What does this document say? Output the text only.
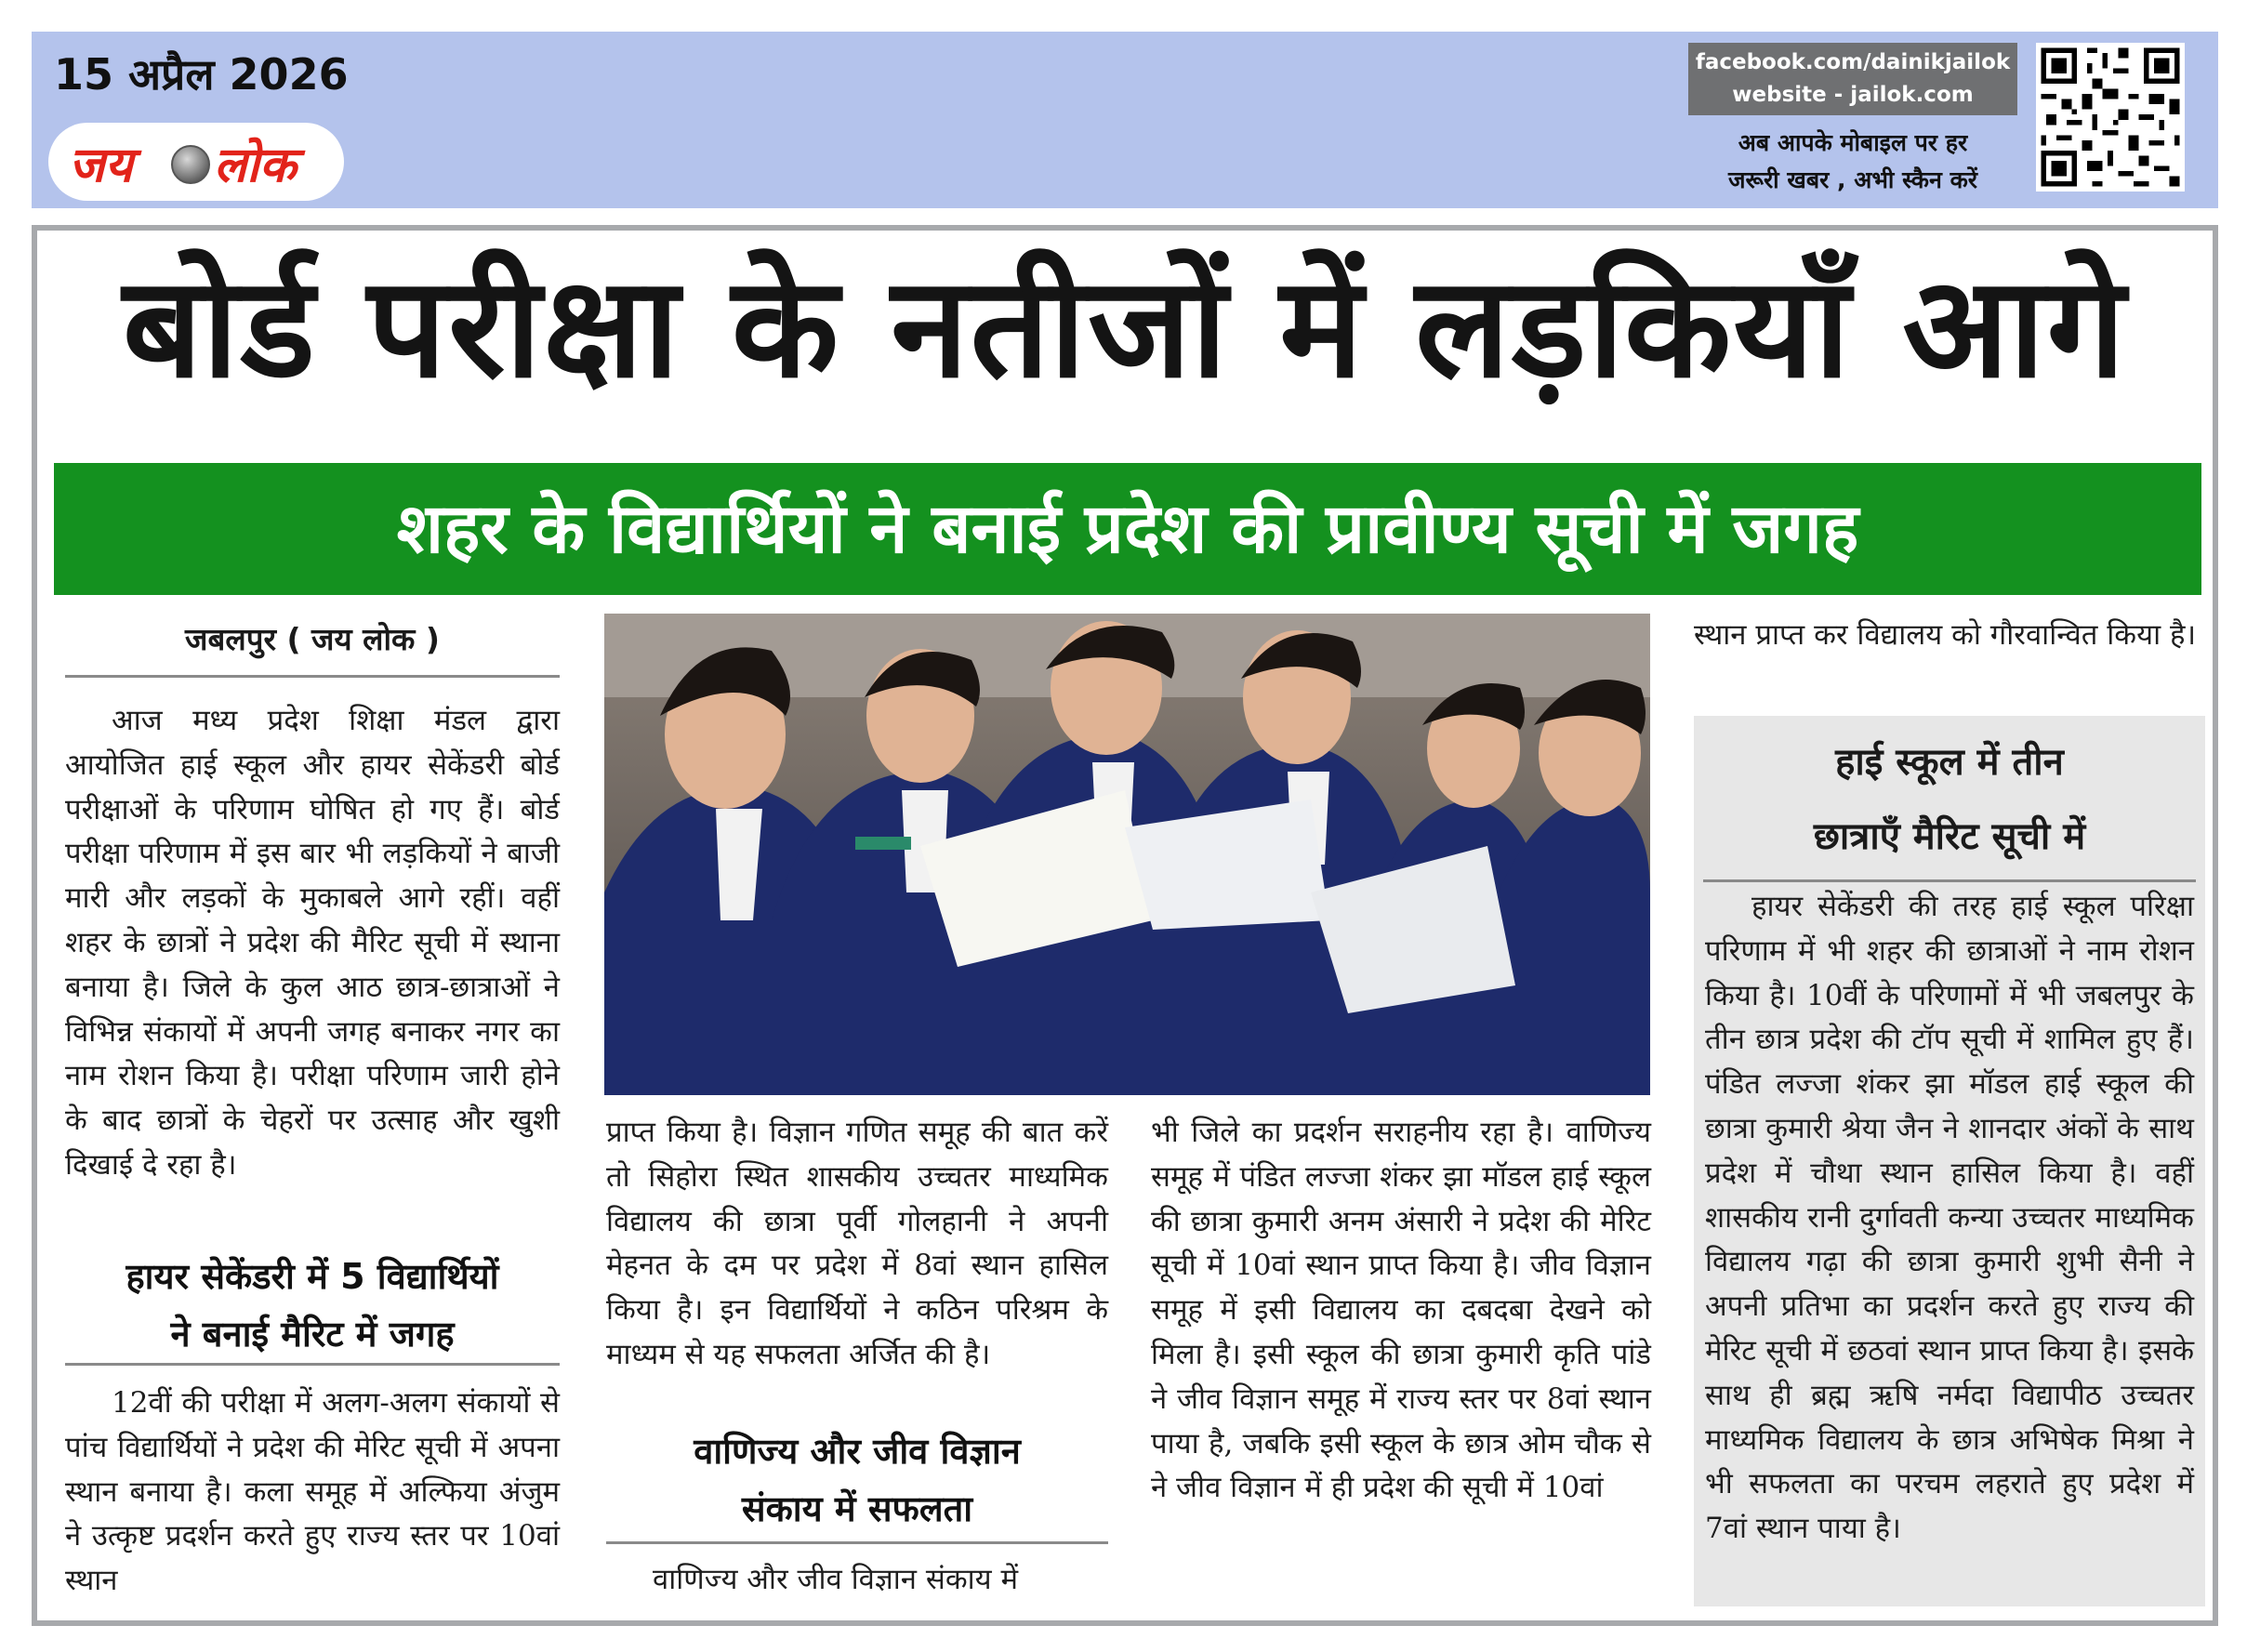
15 अप्रैल 2026
जय लोक
facebook.com/dainikjailok
website - jailok.com
अब आपके मोबाइल पर हर
जरूरी खबर , अभी स्कैन करें
बोर्ड परीक्षा के नतीजों में लड़कियाँ आगे
शहर के विद्यार्थियों ने बनाई प्रदेश की प्रावीण्य सूची में जगह
जबलपुर ( जय लोक )

आज मध्य प्रदेश शिक्षा मंडल द्वारा आयोजित हाई स्कूल और हायर सेकेंडरी बोर्ड परीक्षाओं के परिणाम घोषित हो गए हैं। बोर्ड परीक्षा परिणाम में इस बार भी लड़कियों ने बाजी मारी और लड़कों के मुकाबले आगे रहीं। वहीं शहर के छात्रों ने प्रदेश की मैरिट सूची में स्थाना बनाया है। जिले के कुल आठ छात्र-छात्राओं ने विभिन्न संकायों में अपनी जगह बनाकर नगर का नाम रोशन किया है। परीक्षा परिणाम जारी होने के बाद छात्रों के चेहरों पर उत्साह और खुशी दिखाई दे रहा है।

हायर सेकेंडरी में 5 विद्यार्थियों
ने बनाई मैरिट में जगह

12वीं की परीक्षा में अलग-अलग संकायों से पांच विद्यार्थियों ने प्रदेश की मेरिट सूची में अपना स्थान बनाया है। कला समूह में अल्फिया अंजुम ने उत्कृष्ट प्रदर्शन करते हुए राज्य स्तर पर 10वां स्थान

प्राप्त किया है। विज्ञान गणित समूह की बात करें तो सिहोरा स्थित शासकीय उच्चतर माध्यमिक विद्यालय की छात्रा पूर्वी गोलहानी ने अपनी मेहनत के दम पर प्रदेश में 8वां स्थान हासिल किया है। इन विद्यार्थियों ने कठिन परिश्रम के माध्यम से यह सफलता अर्जित की है।

वाणिज्य और जीव विज्ञान
संकाय में सफलता

वाणिज्य और जीव विज्ञान संकाय में

भी जिले का प्रदर्शन सराहनीय रहा है। वाणिज्य समूह में पंडित लज्जा शंकर झा मॉडल हाई स्कूल की छात्रा कुमारी अनम अंसारी ने प्रदेश की मेरिट सूची में 10वां स्थान प्राप्त किया है। जीव विज्ञान समूह में इसी विद्यालय का दबदबा देखने को मिला है। इसी स्कूल की छात्रा कुमारी कृति पांडे ने जीव विज्ञान समूह में राज्य स्तर पर 8वां स्थान पाया है, जबकि इसी स्कूल के छात्र ओम चौक से ने जीव विज्ञान में ही प्रदेश की सूची में 10वां

स्थान प्राप्त कर विद्यालय को गौरवान्वित किया है।

हाई स्कूल में तीन
छात्राएँ मैरिट सूची में

हायर सेकेंडरी की तरह हाई स्कूल परिक्षा परिणाम में भी शहर की छात्राओं ने नाम रोशन किया है। 10वीं के परिणामों में भी जबलपुर के तीन छात्र प्रदेश की टॉप सूची में शामिल हुए हैं। पंडित लज्जा शंकर झा मॉडल हाई स्कूल की छात्रा कुमारी श्रेया जैन ने शानदार अंकों के साथ प्रदेश में चौथा स्थान हासिल किया है। वहीं शासकीय रानी दुर्गावती कन्या उच्चतर माध्यमिक विद्यालय गढ़ा की छात्रा कुमारी शुभी सैनी ने अपनी प्रतिभा का प्रदर्शन करते हुए राज्य की मेरिट सूची में छठवां स्थान प्राप्त किया है। इसके साथ ही ब्रह्म ऋषि नर्मदा विद्यापीठ उच्चतर माध्यमिक विद्यालय के छात्र अभिषेक मिश्रा ने भी सफलता का परचम लहराते हुए प्रदेश में 7वां स्थान पाया है।
